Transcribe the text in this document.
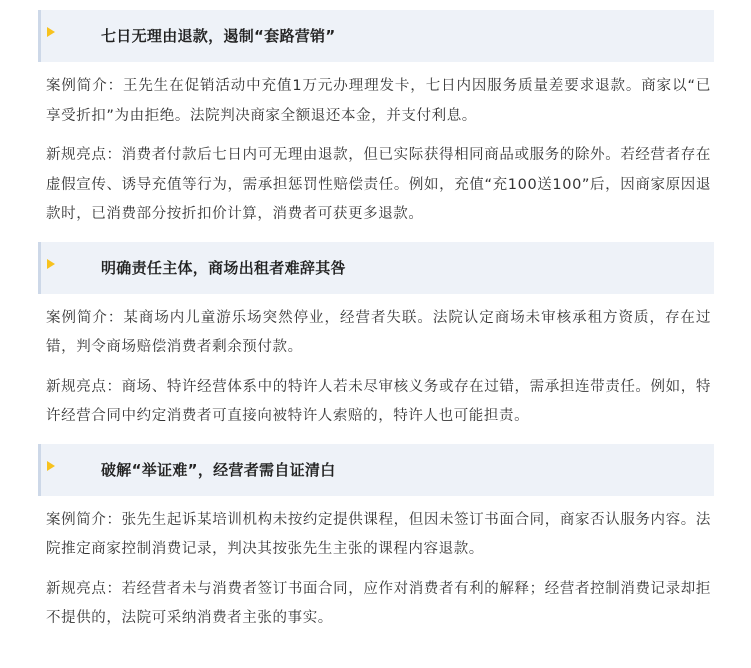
七日无理由退款，遏制“套路营销”

案例简介：王先生在促销活动中充值1万元办理理发卡，七日内因服务质量差要求退款。商家以“已享受折扣”为由拒绝。法院判决商家全额退还本金，并支付利息。

新规亮点：消费者付款后七日内可无理由退款，但已实际获得相同商品或服务的除外。若经营者存在虚假宣传、诱导充值等行为，需承担惩罚性赔偿责任。例如，充值“充100送100”后，因商家原因退款时，已消费部分按折扣价计算，消费者可获更多退款。

明确责任主体，商场出租者难辞其咎

案例简介：某商场内儿童游乐场突然停业，经营者失联。法院认定商场未审核承租方资质，存在过错，判令商场赔偿消费者剩余预付款。

新规亮点：商场、特许经营体系中的特许人若未尽审核义务或存在过错，需承担连带责任。例如，特许经营合同中约定消费者可直接向被特许人索赔的，特许人也可能担责。

破解“举证难”，经营者需自证清白

案例简介：张先生起诉某培训机构未按约定提供课程，但因未签订书面合同，商家否认服务内容。法院推定商家控制消费记录，判决其按张先生主张的课程内容退款。

新规亮点：若经营者未与消费者签订书面合同，应作对消费者有利的解释；经营者控制消费记录却拒不提供的，法院可采纳消费者主张的事实。
